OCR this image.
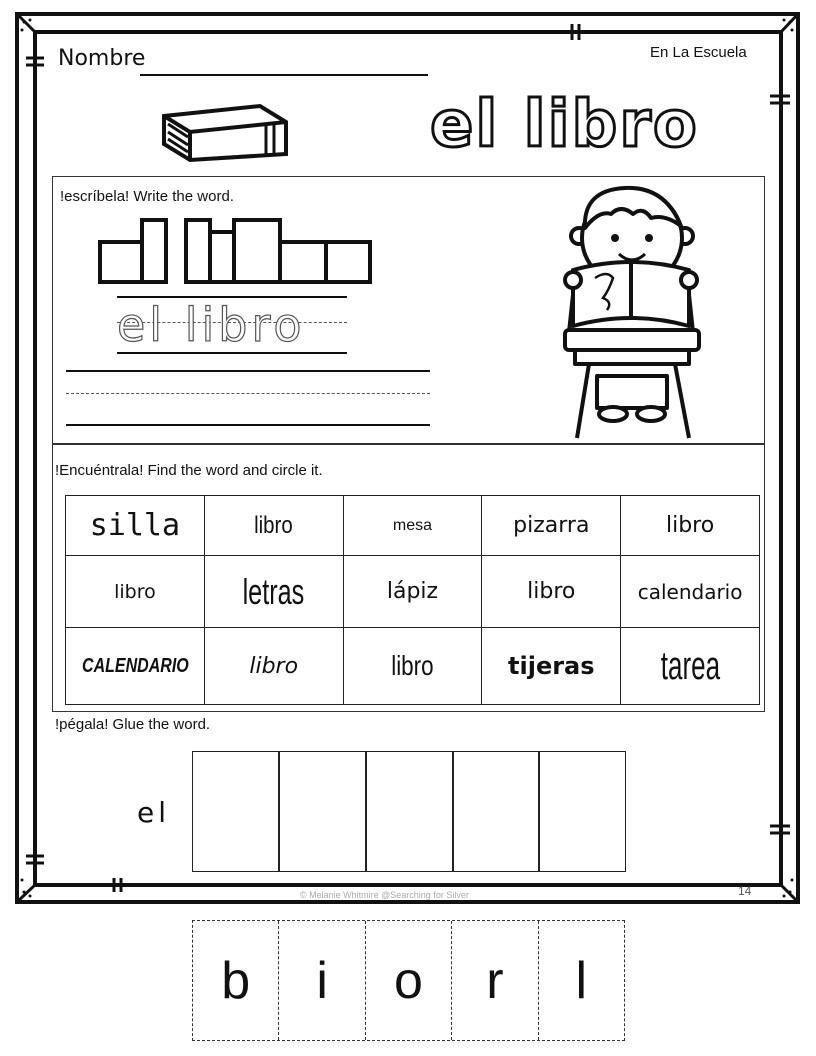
Nombre	En La Escuela
el libro
!escríbela! Write the word.
el libro
!Encuéntrala! Find the word and circle it.
silla	libro	mesa	pizarra	libro
libro	letras	lápiz	libro	calendario
CALENDARIO	libro	libro	tijeras	tarea
!pégala! Glue the word.
el
© Melanie Whitmire @Searching for Silver	14
b	i	o	r	l
